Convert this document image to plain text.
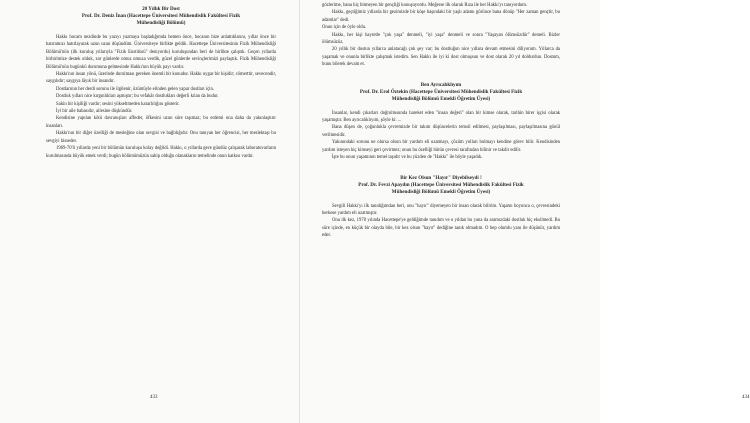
20 Yıllık Bir Dost
Prof. Dr. Deniz İnan (Hacettepe Üniversitesi Mühendislik Fakültesi Fizik
Mühendisliği Bölümü)

Hakkı hocam nezdinde bu yazıyı yazmaya başladığımda hemen önce, hocanın bize anlattıklarını, yıllar önce bir hatıramızı hatırlayarak uzun uzun düşündüm. Üniversiteye birlikte geldik. Hacettepe Üniversitesinin Fizik Mühendisliği Bölümü'nün (ilk kuruluş yıllarıyla "Fizik Enstitüsü" deniyordu) kuruluşundan beri de birlikte çalıştık. Geçen yıllarda birbirimize destek olduk, zor günlerde omuz omuza verdik, güzel günlerde sevinçlerimizi paylaştık. Fizik Mühendisliği Bölümü'nün bugünkü durumuna gelmesinde Hakkı'nın büyük payı vardır.

Hakkı'nın insan yönü, üzerinde durulması gereken önemli bir konudur. Hakkı uygar bir kişidir; cömerttir, sevecendir, saygılıdır; saygıya lâyık bir insandır.

Dostlarının her derdi sorunu ile ilgilenir, üzüntüyle elinden gelen yapar dostları için.

Dostluk yılları nice kırgınlıkları aşmıştır; bu vefakâr dostlukları değerli kılan da budur.

Sakin bir kişiliği vardır; sesini yükseltmeden kararlılığını gösterir.

İyi bir aile babasıdır, ailesine düşkündür.

Kendisine yapılan kötü davranışları affeder, öfkesini uzun süre taşımaz; bu erdemi ona daha da yakınlaştırır insanları.

Hakkı'nın bir diğer özelliği de mesleğine olan sevgisi ve bağlılığıdır. Onu tanıyan her öğrencisi, her meslektaşı bu sevgiyi hisseder.

1969-70'li yıllarda yeni bir bölümün kuruluşu kolay değildi. Hakkı, o yıllarda gece gündüz çalışarak laboratuvarların kurulmasında büyük emek verdi; bugün bölümümüzün sahip olduğu olanakların temelinde onun katkısı vardır.

433

gözlerime, bana hiç bitmeyen bir gençliği konuşuyordu. Meğerse ilk olarak Rıza ile her Hakkı'yı tanıyordum.

Hakkı, geçtiğimiz yıllarda bir gezimizde bir köşe başındaki bir yaşlı adamı görünce bana dönüp "Her zaman gençtir, bu adamlar" dedi.

Onun için de öyle oldu.

Hakkı, her kişi hayretle "çok yaşa" denmeli, "iyi yaşa" denmeli ve sonra "Yaşayan ölümsüzdür" demeli. Bizler ölümsüzüz.

20 yıllık bir dostun yıllarca anlatacağı çok şey var; bu dostluğun nice yıllara devam etmesini diliyorum. Yıllarca da yaşamak ve onunla birlikte çalışmak istedim. Sen Hakkı ile iyi ki dost olmuşsun ve dost olarak 20 yıl doldurdun. Dostum, bunu bilerek devam et.

Ben Ayrıcalıklıyım
Prof. Dr. Erol Öztekin (Hacettepe Üniversitesi Mühendislik Fakültesi Fizik
Mühendisliği Bölümü Emekli Öğretim Üyesi)

İnsanlar, kendi çıkarları doğrultusunda hareket eden "insan değeri" olan bir kimse olarak, tarihin birer işçisi olarak yaşamıştır. Ben ayrıcalıklıyım, şöyle ki: ...

Bana düşen de, çoğunlukla çevremizde bir takım düşüncelerin temsil edilmesi, paylaşılması, paylaşılmasına gönül verilmesidir.

Yakınındaki sorunu ne olursa olsun bir yardım eli uzatmayı, çözüm yolları bulmayı kendine görev bilir. Kendisinden yardım isteyen hiç kimseyi geri çevirmez; onun bu özelliği bütün çevresi tarafından bilinir ve takdir edilir.

İşte bu onun yaşamının temel taşıdır ve bu yüzden de "Hakkı" ile böyle yaşadık.

Bir Kez Olsun "Hayır" Diyebilseydi !
Prof. Dr. Fevzi Apaydın (Hacettepe Üniversitesi Mühendislik Fakültesi Fizik
Mühendisliği Bölümü Emekli Öğretim Üyesi)

Sevgili Hakkı'yı ilk tanıdığımdan beri, onu "hayır" diyemeyen bir insan olarak bilirim. Yaşamı boyunca o, çevresindeki herkese yardım eli uzatmıştır.

Onu ilk kez, 1970 yılında Hacettepe'ye geldiğimde tanıdım ve o yıldan bu yana da aramızdaki dostluk hiç eksilmedi. Bu süre içinde, en küçük bir olayda bile, bir kez olsun "hayır" dediğine tanık olmadım. O hep olumlu yanı ile düşünür, yardım eder.

434
